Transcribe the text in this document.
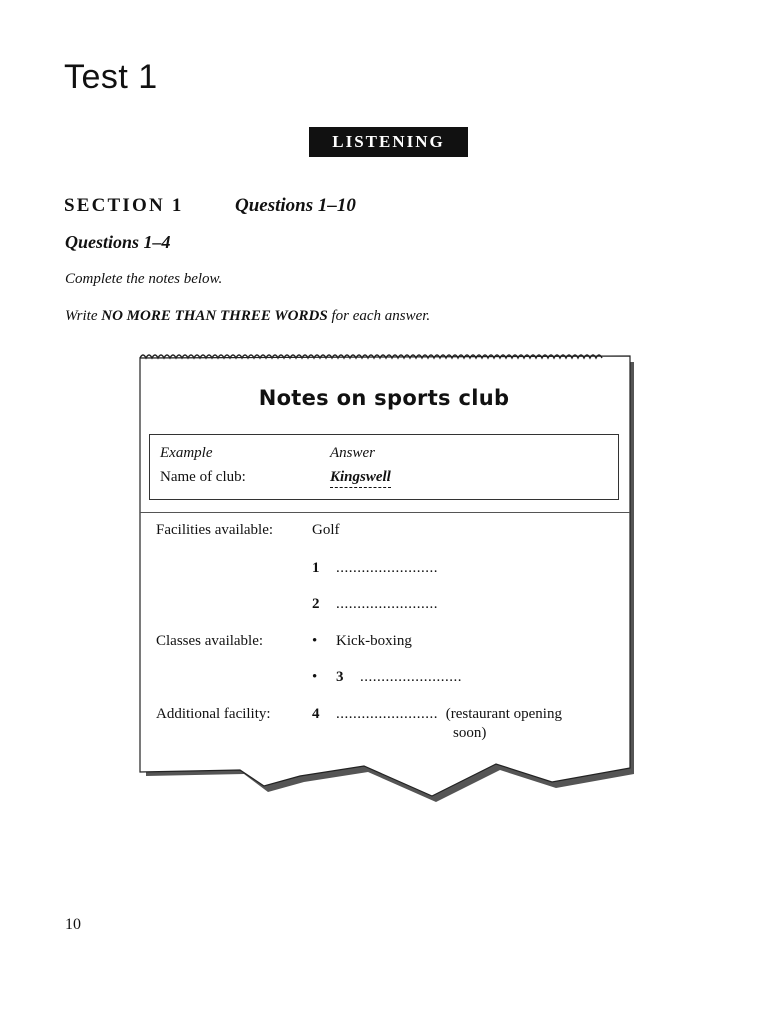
Test 1
LISTENING
SECTION 1	Questions 1–10
Questions 1–4
Complete the notes below.
Write NO MORE THAN THREE WORDS for each answer.
Notes on sports club
Example	Answer
Name of club:	Kingswell
Facilities available:	Golf
1 ........................
2 ........................
Classes available:	• Kick-boxing
• 3 ........................
Additional facility:	4 ........................ (restaurant opening
soon)
10
